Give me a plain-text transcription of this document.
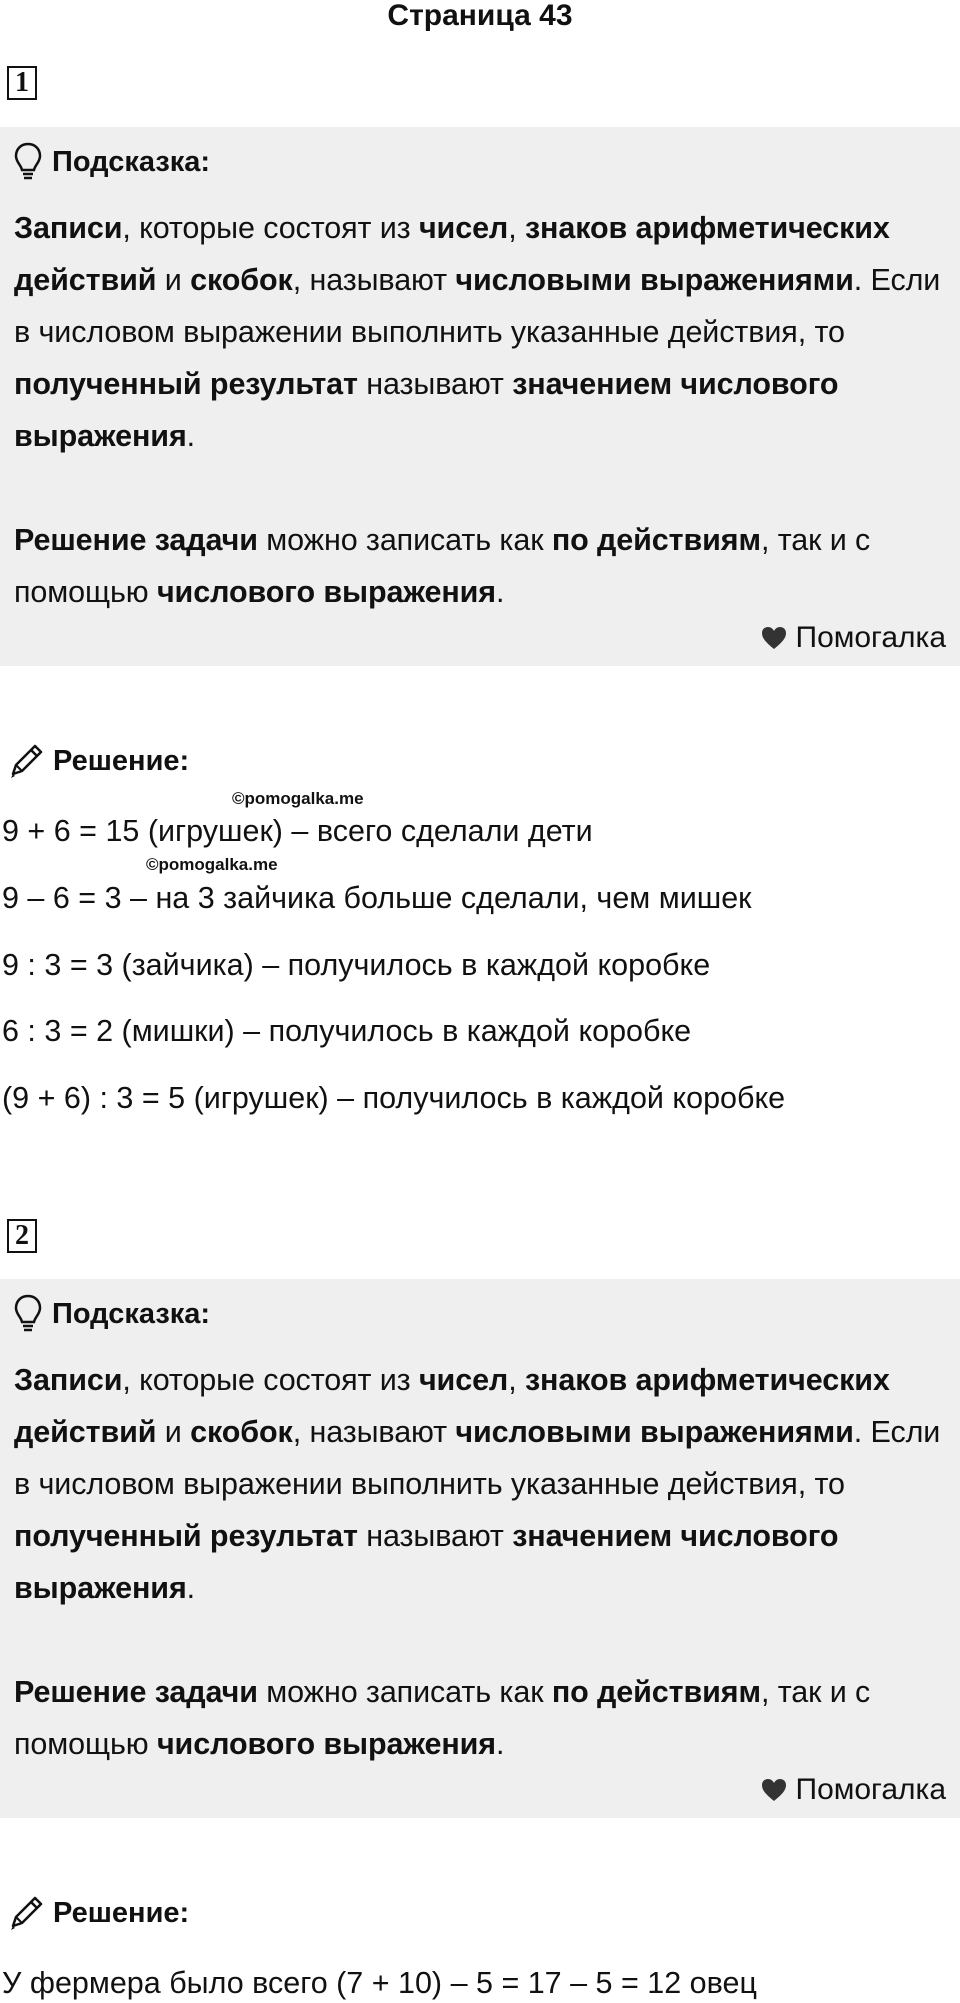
Страница 43
1
Подсказка:

Записи, которые состоят из чисел, знаков арифметических действий и скобок, называют числовыми выражениями. Если в числовом выражении выполнить указанные действия, то полученный результат называют значением числового выражения.

Решение задачи можно записать как по действиям, так и с помощью числового выражения.

Помогалка
Решение:
©pomogalka.me
9 + 6 = 15 (игрушек) – всего сделали дети
©pomogalka.me
9 – 6 = 3 – на 3 зайчика больше сделали, чем мишек
9 : 3 = 3 (зайчика) – получилось в каждой коробке
6 : 3 = 2 (мишки) – получилось в каждой коробке
(9 + 6) : 3 = 5 (игрушек) – получилось в каждой коробке
2
Подсказка:

Записи, которые состоят из чисел, знаков арифметических действий и скобок, называют числовыми выражениями. Если в числовом выражении выполнить указанные действия, то полученный результат называют значением числового выражения.

Решение задачи можно записать как по действиям, так и с помощью числового выражения.

Помогалка
Решение:
У фермера было всего (7 + 10) – 5 = 17 – 5 = 12 овец
